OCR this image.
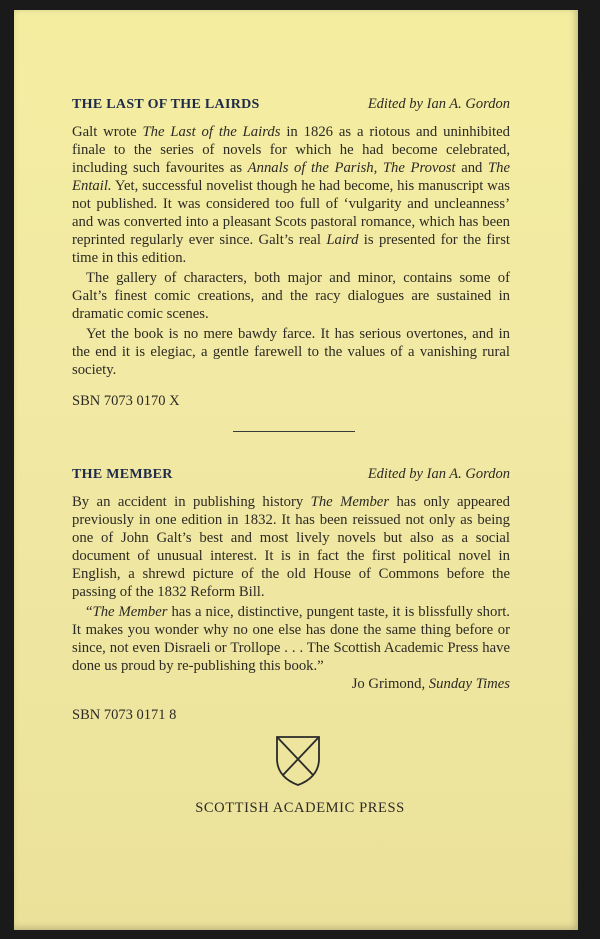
THE LAST OF THE LAIRDS	Edited by Ian A. Gordon

Galt wrote The Last of the Lairds in 1826 as a riotous and uninhibited finale to the series of novels for which he had become celebrated, including such favourites as Annals of the Parish, The Provost and The Entail. Yet, successful novelist though he had become, his manuscript was not published. It was considered too full of ‘vulgarity and uncleanness’ and was converted into a pleasant Scots pastoral romance, which has been reprinted regularly ever since. Galt’s real Laird is presented for the first time in this edition.

The gallery of characters, both major and minor, contains some of Galt’s finest comic creations, and the racy dialogues are sustained in dramatic comic scenes.

Yet the book is no mere bawdy farce. It has serious overtones, and in the end it is elegiac, a gentle farewell to the values of a vanishing rural society.

SBN 7073 0170 X

THE MEMBER	Edited by Ian A. Gordon

By an accident in publishing history The Member has only appeared previously in one edition in 1832. It has been reissued not only as being one of John Galt’s best and most lively novels but also as a social document of unusual interest. It is in fact the first political novel in English, a shrewd picture of the old House of Commons before the passing of the 1832 Reform Bill.

“The Member has a nice, distinctive, pungent taste, it is blissfully short. It makes you wonder why no one else has done the same thing before or since, not even Disraeli or Trollope . . . The Scottish Academic Press have done us proud by re-publishing this book.”

Jo Grimond, Sunday Times

SBN 7073 0171 8

SCOTTISH ACADEMIC PRESS
